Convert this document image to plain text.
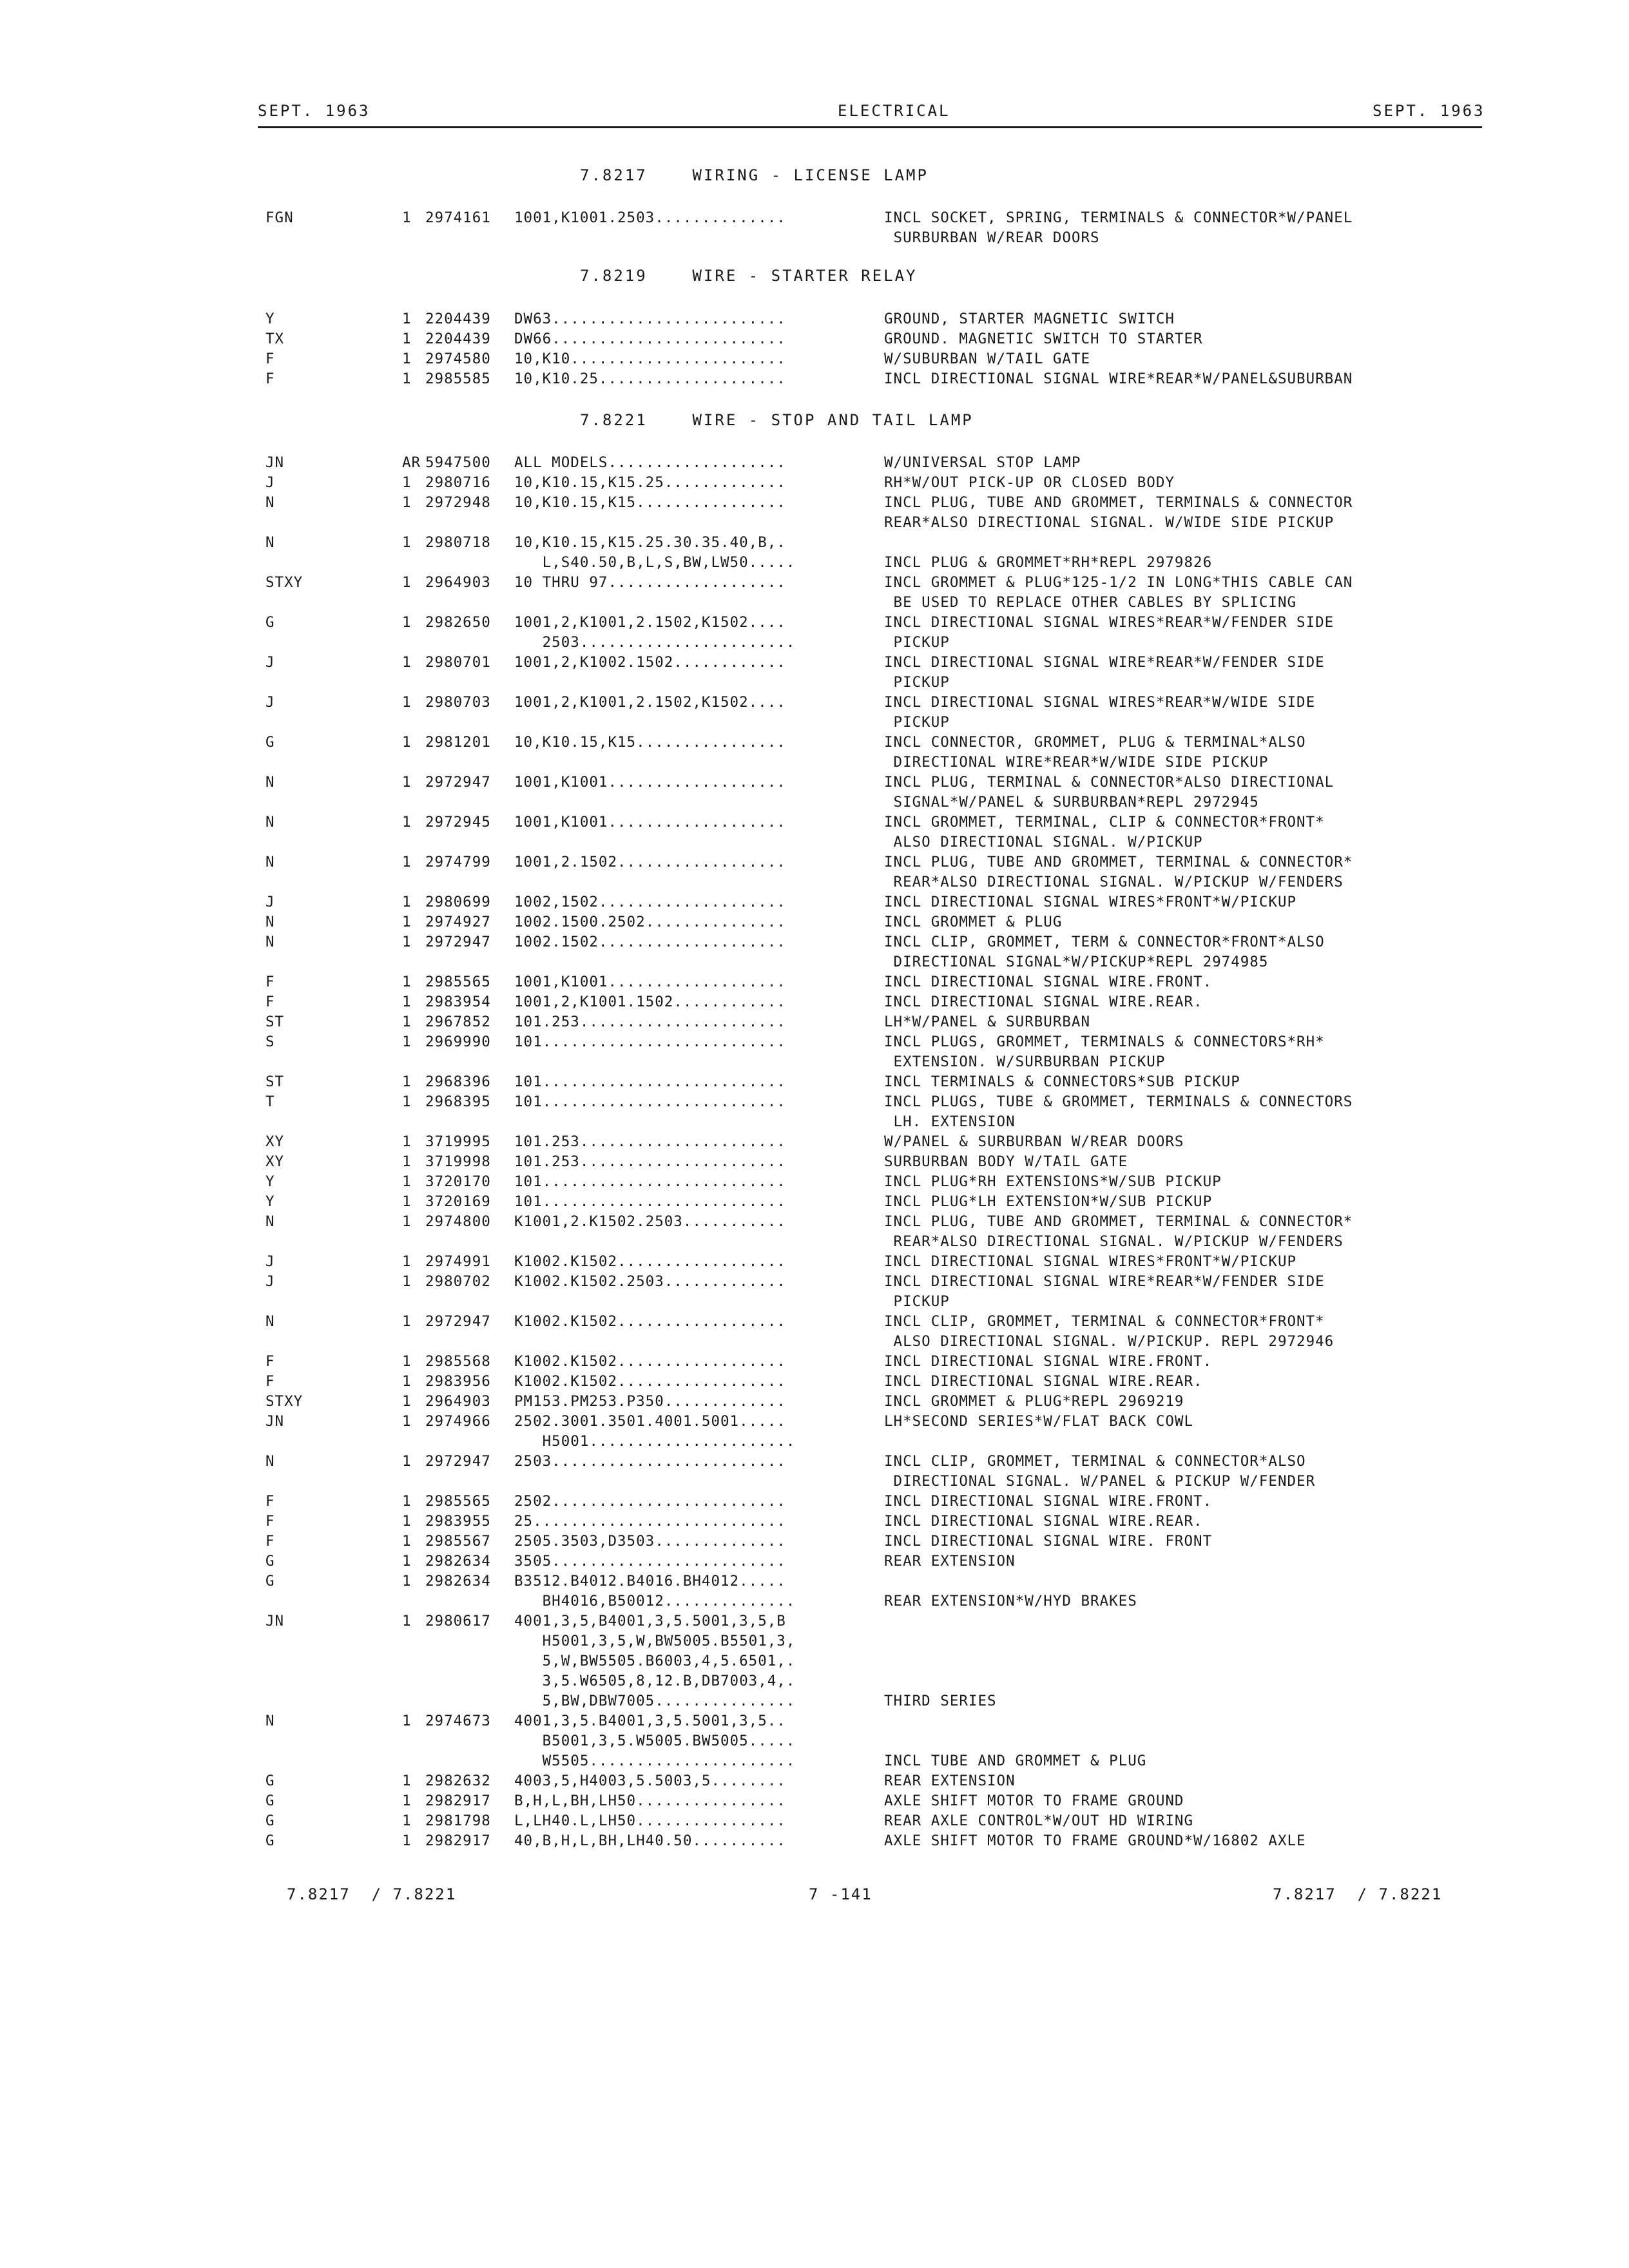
SEPT. 1963	ELECTRICAL	SEPT. 1963
7.8217    WIRING - LICENSE LAMP
FGN	1 2974161 1001,K1001.2503..............	INCL SOCKET, SPRING, TERMINALS & CONNECTOR*W/PANEL
SURBURBAN W/REAR DOORS
7.8219    WIRE - STARTER RELAY
Y	1 2204439 DW63.........................	GROUND, STARTER MAGNETIC SWITCH
TX	1 2204439 DW66.........................	GROUND. MAGNETIC SWITCH TO STARTER
F	1 2974580 10,K10.......................	W/SUBURBAN W/TAIL GATE
F	1 2985585 10,K10.25....................	INCL DIRECTIONAL SIGNAL WIRE*REAR*W/PANEL&SUBURBAN
7.8221    WIRE - STOP AND TAIL LAMP
JN	AR 5947500 ALL MODELS...................	W/UNIVERSAL STOP LAMP
J	1 2980716 10,K10.15,K15.25.............	RH*W/OUT PICK-UP OR CLOSED BODY
N	1 2972948 10,K10.15,K15................	INCL PLUG, TUBE AND GROMMET, TERMINALS & CONNECTOR
REAR*ALSO DIRECTIONAL SIGNAL. W/WIDE SIDE PICKUP
N	1 2980718 10,K10.15,K15.25.30.35.40,B,.
L,S40.50,B,L,S,BW,LW50.....	INCL PLUG & GROMMET*RH*REPL 2979826
STXY	1 2964903 10 THRU 97...................	INCL GROMMET & PLUG*125-1/2 IN LONG*THIS CABLE CAN
BE USED TO REPLACE OTHER CABLES BY SPLICING
G	1 2982650 1001,2,K1001,2.1502,K1502....	INCL DIRECTIONAL SIGNAL WIRES*REAR*W/FENDER SIDE
2503.......................	PICKUP
J	1 2980701 1001,2,K1002.1502............	INCL DIRECTIONAL SIGNAL WIRE*REAR*W/FENDER SIDE
PICKUP
J	1 2980703 1001,2,K1001,2.1502,K1502....	INCL DIRECTIONAL SIGNAL WIRES*REAR*W/WIDE SIDE
PICKUP
G	1 2981201 10,K10.15,K15................	INCL CONNECTOR, GROMMET, PLUG & TERMINAL*ALSO
DIRECTIONAL WIRE*REAR*W/WIDE SIDE PICKUP
N	1 2972947 1001,K1001...................	INCL PLUG, TERMINAL & CONNECTOR*ALSO DIRECTIONAL
SIGNAL*W/PANEL & SURBURBAN*REPL 2972945
N	1 2972945 1001,K1001...................	INCL GROMMET, TERMINAL, CLIP & CONNECTOR*FRONT*
ALSO DIRECTIONAL SIGNAL. W/PICKUP
N	1 2974799 1001,2.1502..................	INCL PLUG, TUBE AND GROMMET, TERMINAL & CONNECTOR*
REAR*ALSO DIRECTIONAL SIGNAL. W/PICKUP W/FENDERS
J	1 2980699 1002,1502....................	INCL DIRECTIONAL SIGNAL WIRES*FRONT*W/PICKUP
N	1 2974927 1002.1500.2502...............	INCL GROMMET & PLUG
N	1 2972947 1002.1502....................	INCL CLIP, GROMMET, TERM & CONNECTOR*FRONT*ALSO
DIRECTIONAL SIGNAL*W/PICKUP*REPL 2974985
F	1 2985565 1001,K1001...................	INCL DIRECTIONAL SIGNAL WIRE.FRONT.
F	1 2983954 1001,2,K1001.1502............	INCL DIRECTIONAL SIGNAL WIRE.REAR.
ST	1 2967852 101.253......................	LH*W/PANEL & SURBURBAN
S	1 2969990 101..........................	INCL PLUGS, GROMMET, TERMINALS & CONNECTORS*RH*
EXTENSION. W/SURBURBAN PICKUP
ST	1 2968396 101..........................	INCL TERMINALS & CONNECTORS*SUB PICKUP
T	1 2968395 101..........................	INCL PLUGS, TUBE & GROMMET, TERMINALS & CONNECTORS
LH. EXTENSION
XY	1 3719995 101.253......................	W/PANEL & SURBURBAN W/REAR DOORS
XY	1 3719998 101.253......................	SURBURBAN BODY W/TAIL GATE
Y	1 3720170 101..........................	INCL PLUG*RH EXTENSIONS*W/SUB PICKUP
Y	1 3720169 101..........................	INCL PLUG*LH EXTENSION*W/SUB PICKUP
N	1 2974800 K1001,2.K1502.2503...........	INCL PLUG, TUBE AND GROMMET, TERMINAL & CONNECTOR*
REAR*ALSO DIRECTIONAL SIGNAL. W/PICKUP W/FENDERS
J	1 2974991 K1002.K1502..................	INCL DIRECTIONAL SIGNAL WIRES*FRONT*W/PICKUP
J	1 2980702 K1002.K1502.2503.............	INCL DIRECTIONAL SIGNAL WIRE*REAR*W/FENDER SIDE
PICKUP
N	1 2972947 K1002.K1502..................	INCL CLIP, GROMMET, TERMINAL & CONNECTOR*FRONT*
ALSO DIRECTIONAL SIGNAL. W/PICKUP. REPL 2972946
F	1 2985568 K1002.K1502..................	INCL DIRECTIONAL SIGNAL WIRE.FRONT.
F	1 2983956 K1002.K1502..................	INCL DIRECTIONAL SIGNAL WIRE.REAR.
STXY	1 2964903 PM153.PM253.P350.............	INCL GROMMET & PLUG*REPL 2969219
JN	1 2974966 2502.3001.3501.4001.5001.....	LH*SECOND SERIES*W/FLAT BACK COWL
H5001......................
N	1 2972947 2503.........................	INCL CLIP, GROMMET, TERMINAL & CONNECTOR*ALSO
DIRECTIONAL SIGNAL. W/PANEL & PICKUP W/FENDER
F	1 2985565 2502.........................	INCL DIRECTIONAL SIGNAL WIRE.FRONT.
F	1 2983955 25...........................	INCL DIRECTIONAL SIGNAL WIRE.REAR.
F	1 2985567 2505.3503,D3503..............	INCL DIRECTIONAL SIGNAL WIRE. FRONT
G	1 2982634 3505.........................	REAR EXTENSION
G	1 2982634 B3512.B4012.B4016.BH4012.....
BH4016,B50012..............	REAR EXTENSION*W/HYD BRAKES
JN	1 2980617 4001,3,5,B4001,3,5.5001,3,5,B
H5001,3,5,W,BW5005.B5501,3,
5,W,BW5505.B6003,4,5.6501,.
3,5.W6505,8,12.B,DB7003,4,.
5,BW,DBW7005...............	THIRD SERIES
N	1 2974673 4001,3,5.B4001,3,5.5001,3,5..
B5001,3,5.W5005.BW5005.....
W5505......................	INCL TUBE AND GROMMET & PLUG
G	1 2982632 4003,5,H4003,5.5003,5........	REAR EXTENSION
G	1 2982917 B,H,L,BH,LH50................	AXLE SHIFT MOTOR TO FRAME GROUND
G	1 2981798 L,LH40.L,LH50................	REAR AXLE CONTROL*W/OUT HD WIRING
G	1 2982917 40,B,H,L,BH,LH40.50..........	AXLE SHIFT MOTOR TO FRAME GROUND*W/16802 AXLE
7.8217  / 7.8221	7 -141	7.8217  / 7.8221
